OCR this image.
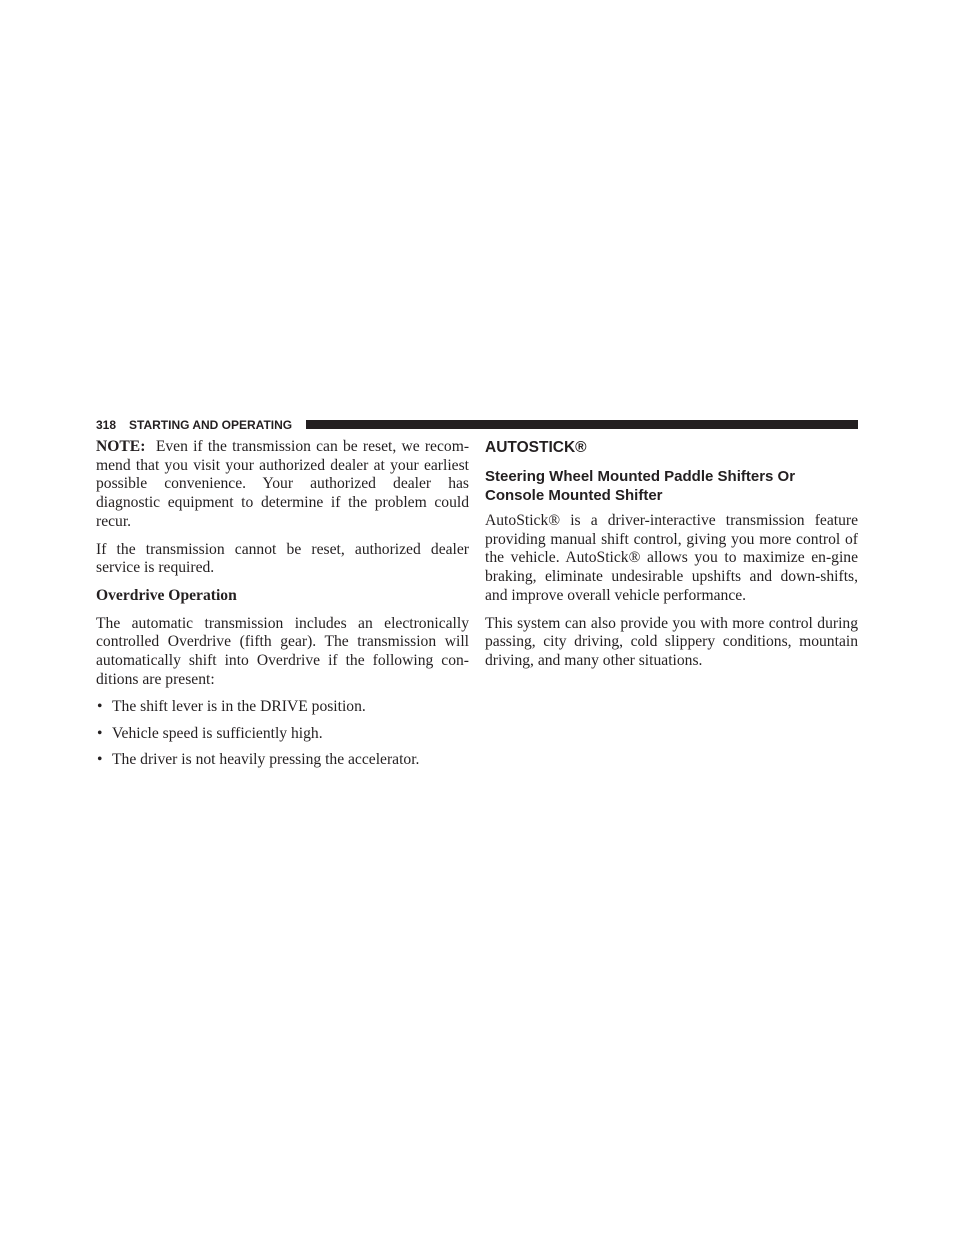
318 STARTING AND OPERATING

NOTE: Even if the transmission can be reset, we recom-mend that you visit your authorized dealer at your earliest possible convenience. Your authorized dealer has diagnostic equipment to determine if the problem could recur.

If the transmission cannot be reset, authorized dealer service is required.

Overdrive Operation

The automatic transmission includes an electronically controlled Overdrive (fifth gear). The transmission will automatically shift into Overdrive if the following con-ditions are present:

• The shift lever is in the DRIVE position.
• Vehicle speed is sufficiently high.
• The driver is not heavily pressing the accelerator.
AUTOSTICK®
Steering Wheel Mounted Paddle Shifters Or Console Mounted Shifter

AutoStick® is a driver-interactive transmission feature providing manual shift control, giving you more control of the vehicle. AutoStick® allows you to maximize en-gine braking, eliminate undesirable upshifts and down-shifts, and improve overall vehicle performance.

This system can also provide you with more control during passing, city driving, cold slippery conditions, mountain driving, and many other situations.
